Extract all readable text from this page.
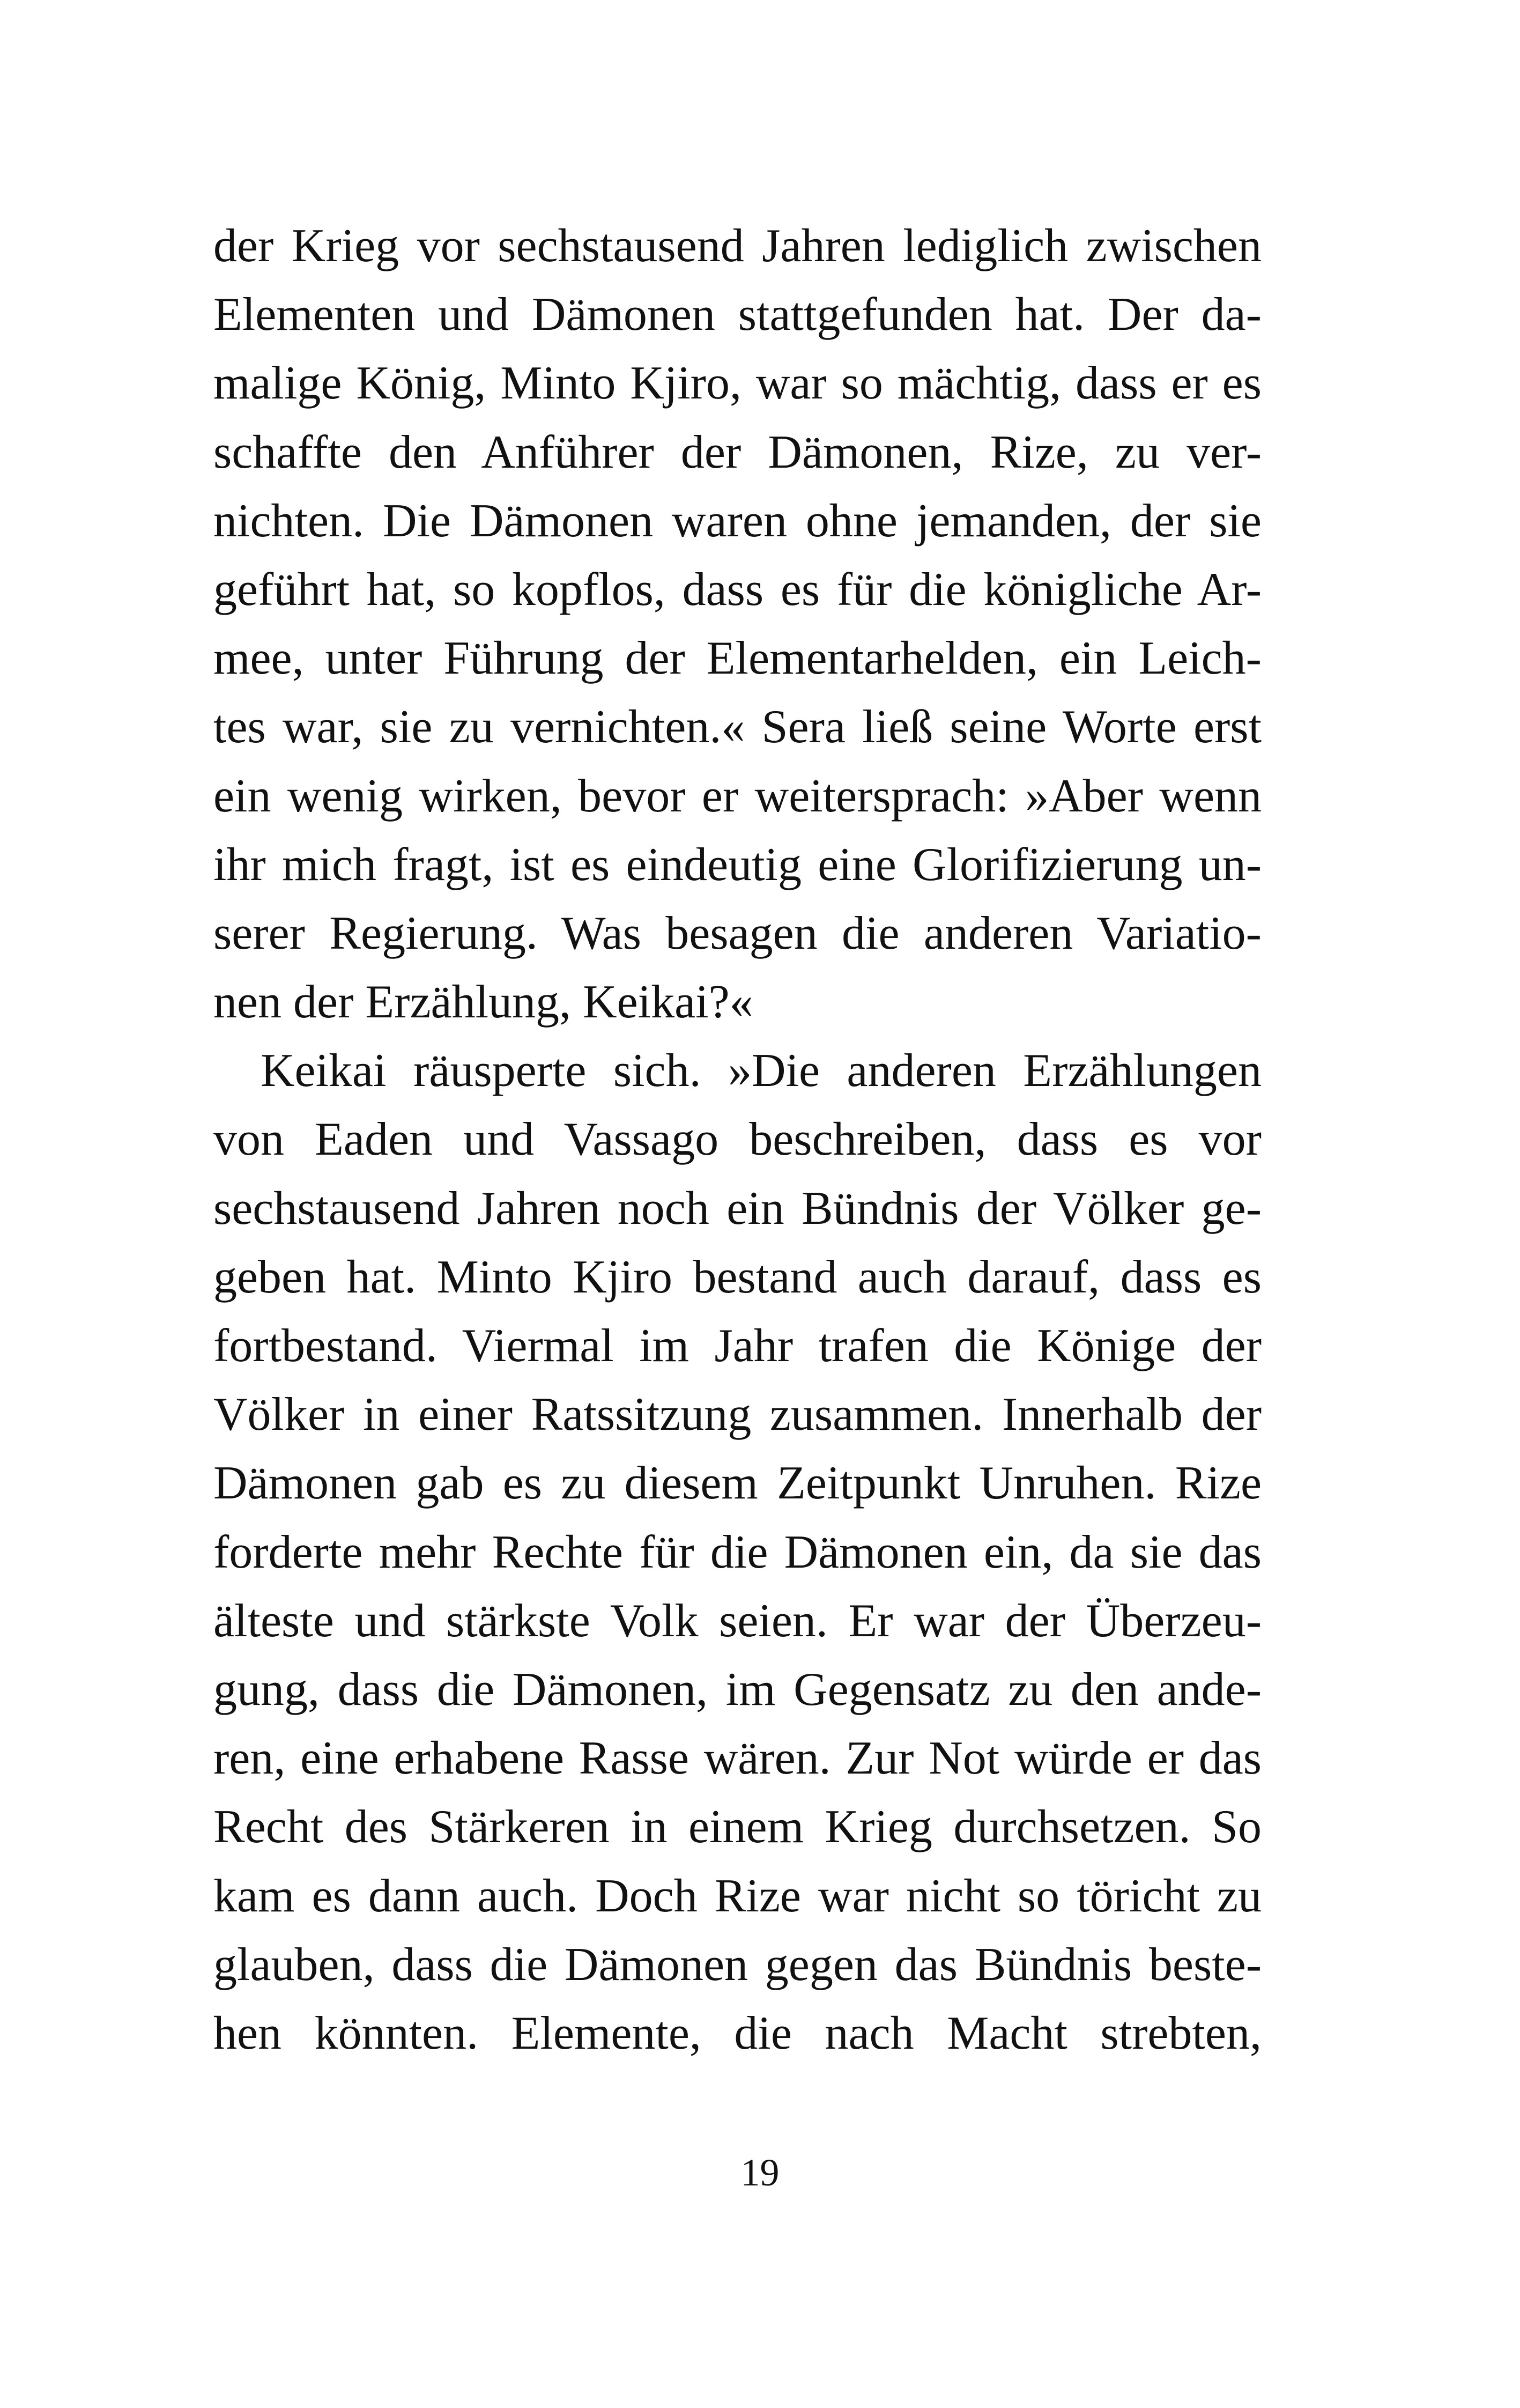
der Krieg vor sechstausend Jahren lediglich zwischen
Elementen und Dämonen stattgefunden hat. Der da-
malige König, Minto Kjiro, war so mächtig, dass er es
schaffte den Anführer der Dämonen, Rize, zu ver-
nichten. Die Dämonen waren ohne jemanden, der sie
geführt hat, so kopflos, dass es für die königliche Ar-
mee, unter Führung der Elementarhelden, ein Leich-
tes war, sie zu vernichten.« Sera ließ seine Worte erst
ein wenig wirken, bevor er weitersprach: »Aber wenn
ihr mich fragt, ist es eindeutig eine Glorifizierung un-
serer Regierung. Was besagen die anderen Variatio-
nen der Erzählung, Keikai?«
Keikai räusperte sich. »Die anderen Erzählungen
von Eaden und Vassago beschreiben, dass es vor
sechstausend Jahren noch ein Bündnis der Völker ge-
geben hat. Minto Kjiro bestand auch darauf, dass es
fortbestand. Viermal im Jahr trafen die Könige der
Völker in einer Ratssitzung zusammen. Innerhalb der
Dämonen gab es zu diesem Zeitpunkt Unruhen. Rize
forderte mehr Rechte für die Dämonen ein, da sie das
älteste und stärkste Volk seien. Er war der Überzeu-
gung, dass die Dämonen, im Gegensatz zu den ande-
ren, eine erhabene Rasse wären. Zur Not würde er das
Recht des Stärkeren in einem Krieg durchsetzen. So
kam es dann auch. Doch Rize war nicht so töricht zu
glauben, dass die Dämonen gegen das Bündnis beste-
hen könnten. Elemente, die nach Macht strebten,
19
